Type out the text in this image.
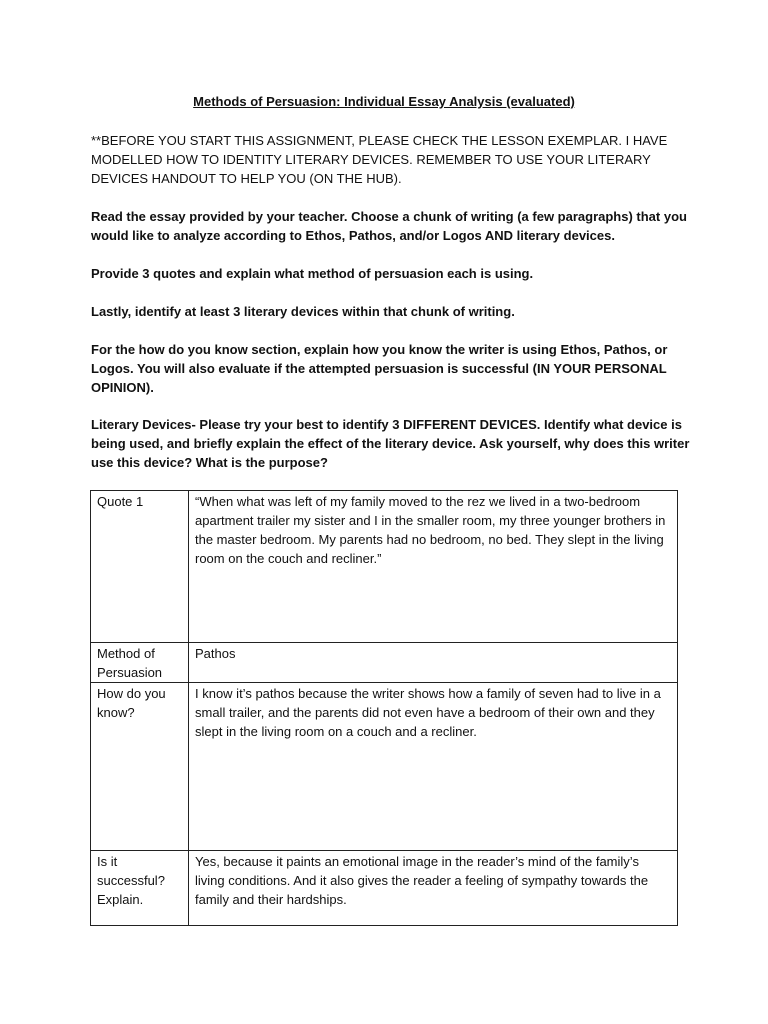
Methods of Persuasion: Individual Essay Analysis (evaluated)
**BEFORE YOU START THIS ASSIGNMENT, PLEASE CHECK THE LESSON EXEMPLAR. I HAVE MODELLED HOW TO IDENTITY LITERARY DEVICES. REMEMBER TO USE YOUR LITERARY DEVICES HANDOUT TO HELP YOU (ON THE HUB).
Read the essay provided by your teacher. Choose a chunk of writing (a few paragraphs) that you would like to analyze according to Ethos, Pathos, and/or Logos AND literary devices.
Provide 3 quotes and explain what method of persuasion each is using.
Lastly, identify at least 3 literary devices within that chunk of writing.
For the how do you know section, explain how you know the writer is using Ethos, Pathos, or Logos. You will also evaluate if the attempted persuasion is successful (IN YOUR PERSONAL OPINION).
Literary Devices- Please try your best to identify 3 DIFFERENT DEVICES. Identify what device is being used, and briefly explain the effect of the literary device. Ask yourself, why does this writer use this device? What is the purpose?
Quote 1	“When what was left of my family moved to the rez we lived in a two-bedroom apartment trailer my sister and I in the smaller room, my three younger brothers in the master bedroom. My parents had no bedroom, no bed. They slept in the living room on the couch and recliner.”
Method of Persuasion	Pathos
How do you know?	I know it’s pathos because the writer shows how a family of seven had to live in a small trailer, and the parents did not even have a bedroom of their own and they slept in the living room on a couch and a recliner.
Is it successful? Explain.	Yes, because it paints an emotional image in the reader’s mind of the family’s living conditions. And it also gives the reader a feeling of sympathy towards the family and their hardships.
